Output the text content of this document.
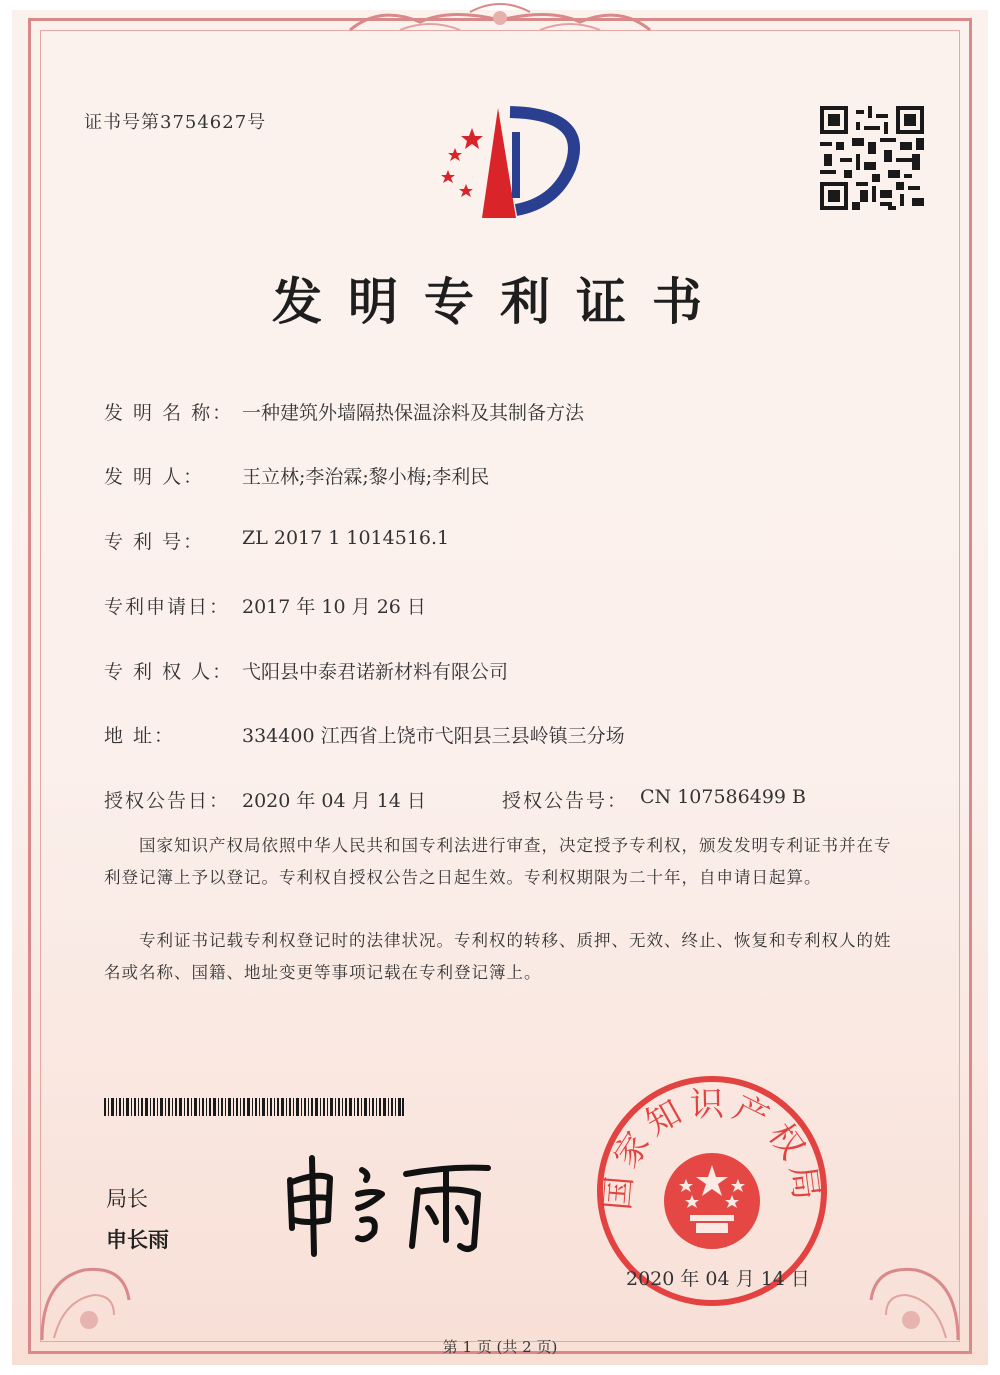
证书号第3754627号
发明专利证书
发 明 名 称： 一种建筑外墙隔热保温涂料及其制备方法
发 明 人： 王立林;李治霖;黎小梅;李利民
专 利 号： ZL 2017 1 1014516.1
专利申请日： 2017 年 10 月 26 日
专 利 权 人： 弋阳县中泰君诺新材料有限公司
地 址：	334400 江西省上饶市弋阳县三县岭镇三分场
授权公告日： 2020 年 04 月 14 日	授权公告号： CN 107586499 B
　　国家知识产权局依照中华人民共和国专利法进行审查，决定授予专利权，颁发发明专利证书并在专利登记簿上予以登记。专利权自授权公告之日起生效。专利权期限为二十年，自申请日起算。
　　专利证书记载专利权登记时的法律状况。专利权的转移、质押、无效、终止、恢复和专利权人的姓名或名称、国籍、地址变更等事项记载在专利登记簿上。
局长
申长雨
国家知识产权局
2020 年 04 月 14 日
第 1 页 (共 2 页)
